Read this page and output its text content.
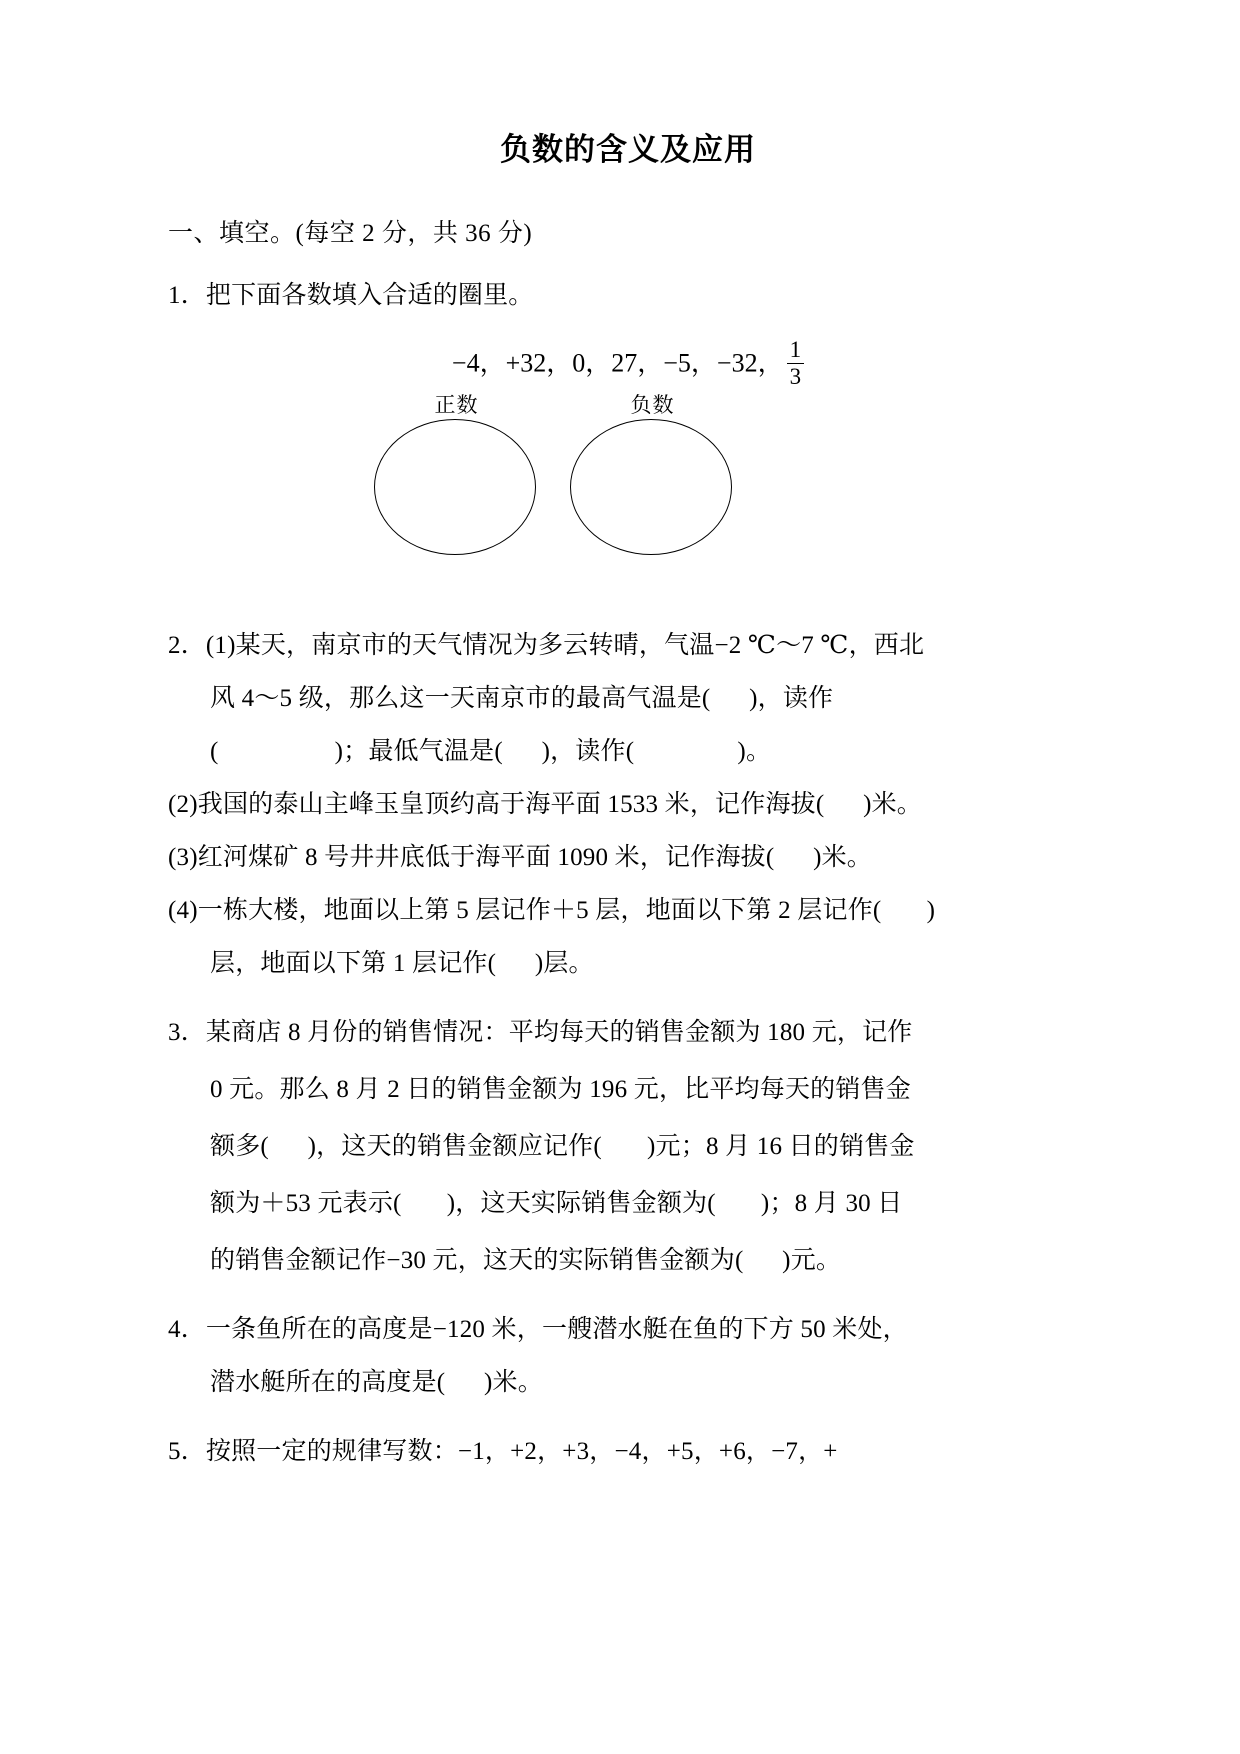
负数的含义及应用
一、填空。(每空 2 分，共 36 分)
1．把下面各数填入合适的圈里。
−4，+32，0，27，−5，−32， $\frac{1}{3}$
正数	负数
2．(1)某天，南京市的天气情况为多云转晴，气温−2 ℃～7 ℃，西北
风 4～5 级，那么这一天南京市的最高气温是(      )，读作
(                  )；最低气温是(      )，读作(                )。
(2)我国的泰山主峰玉皇顶约高于海平面 1533 米，记作海拔(      )米。
(3)红河煤矿 8 号井井底低于海平面 1090 米，记作海拔(      )米。
(4)一栋大楼，地面以上第 5 层记作＋5 层，地面以下第 2 层记作(       )
层，地面以下第 1 层记作(      )层。
3．某商店 8 月份的销售情况：平均每天的销售金额为 180 元，记作
0 元。那么 8 月 2 日的销售金额为 196 元，比平均每天的销售金
额多(      )，这天的销售金额应记作(       )元；8 月 16 日的销售金
额为＋53 元表示(       )，这天实际销售金额为(       )；8 月 30 日
的销售金额记作−30 元，这天的实际销售金额为(      )元。
4．一条鱼所在的高度是−120 米，一艘潜水艇在鱼的下方 50 米处，
潜水艇所在的高度是(      )米。
5．按照一定的规律写数：−1，+2，+3，−4，+5，+6，−7，+
